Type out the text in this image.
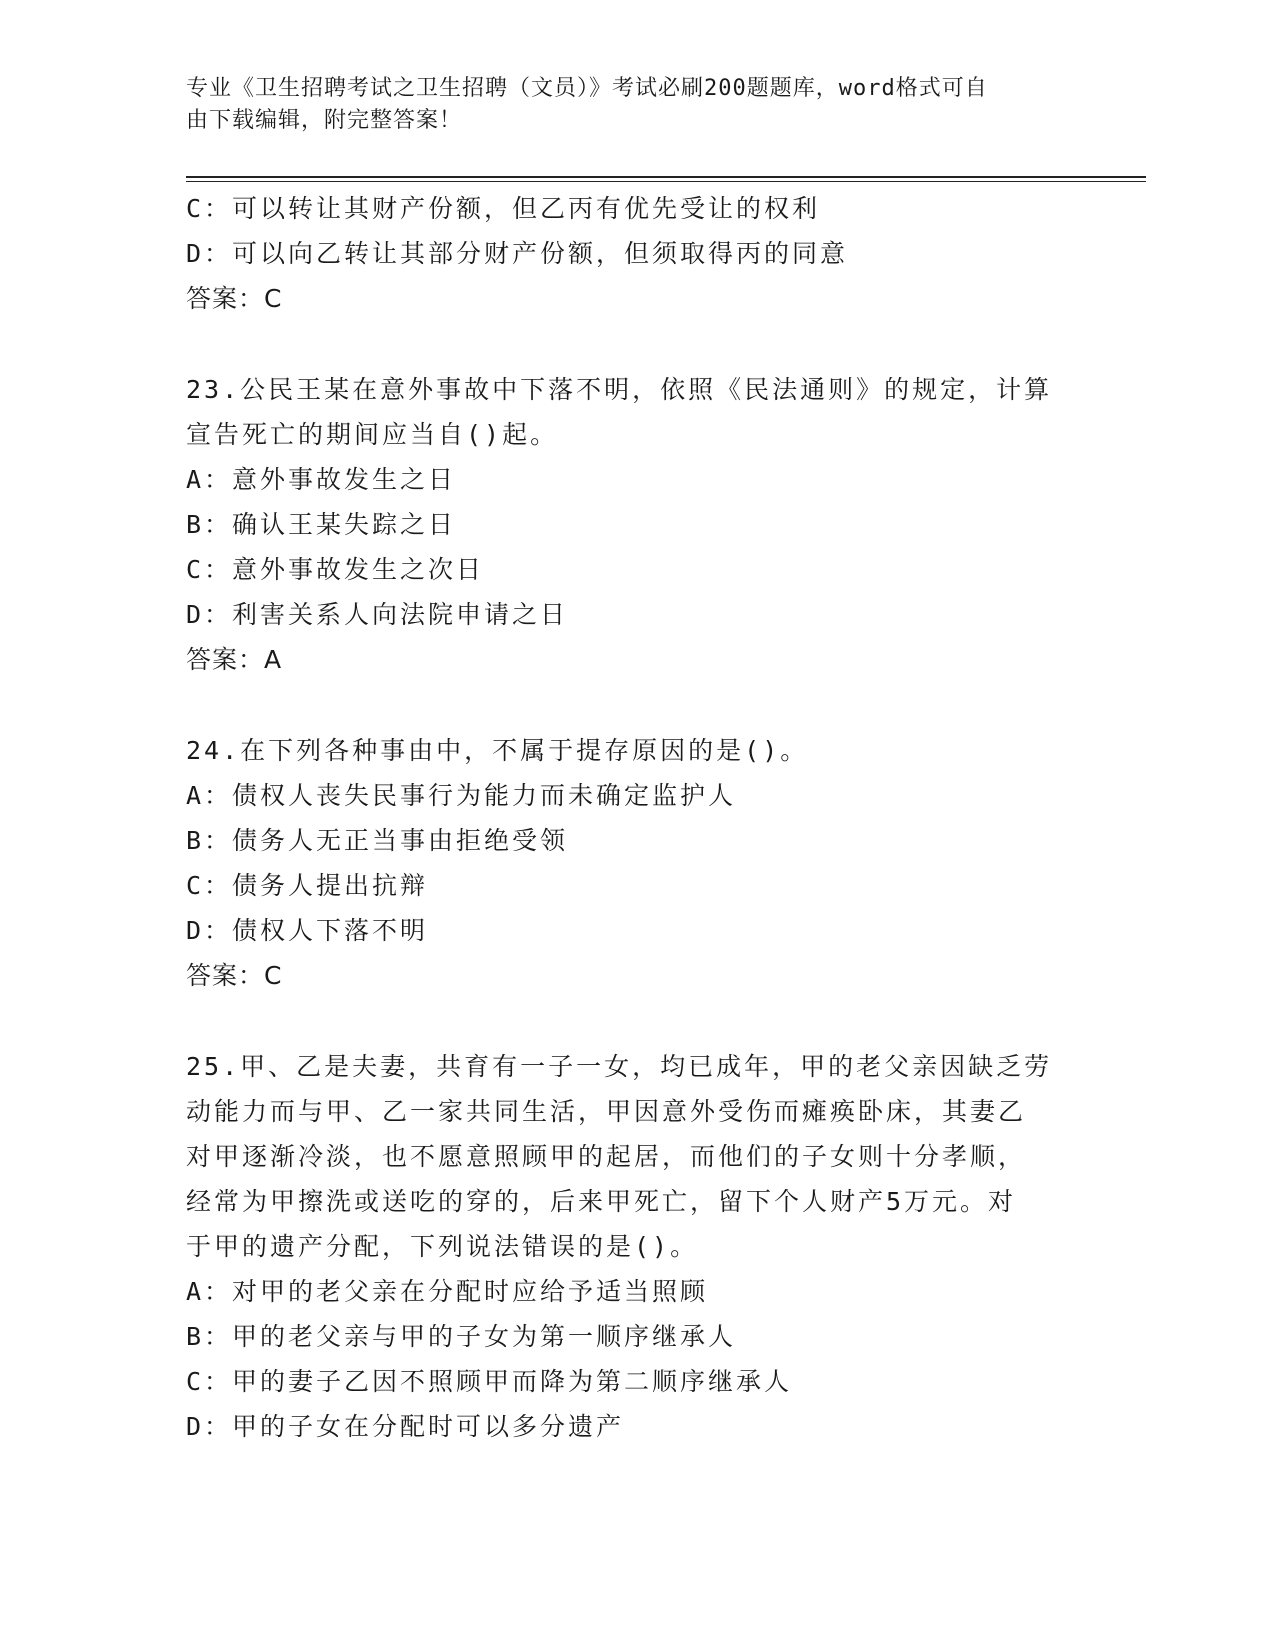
专业《卫生招聘考试之卫生招聘（文员）》考试必刷200题题库，word格式可自
由下载编辑，附完整答案！
C：可以转让其财产份额，但乙丙有优先受让的权利
D：可以向乙转让其部分财产份额，但须取得丙的同意
答案：C
23.公民王某在意外事故中下落不明，依照《民法通则》的规定，计算
宣告死亡的期间应当自()起。
A：意外事故发生之日
B：确认王某失踪之日
C：意外事故发生之次日
D：利害关系人向法院申请之日
答案：A
24.在下列各种事由中，不属于提存原因的是()。
A：债权人丧失民事行为能力而未确定监护人
B：债务人无正当事由拒绝受领
C：债务人提出抗辩
D：债权人下落不明
答案：C
25.甲、乙是夫妻，共育有一子一女，均已成年，甲的老父亲因缺乏劳
动能力而与甲、乙一家共同生活，甲因意外受伤而瘫痪卧床，其妻乙
对甲逐渐冷淡，也不愿意照顾甲的起居，而他们的子女则十分孝顺，
经常为甲擦洗或送吃的穿的，后来甲死亡，留下个人财产5万元。对
于甲的遗产分配，下列说法错误的是()。
A：对甲的老父亲在分配时应给予适当照顾
B：甲的老父亲与甲的子女为第一顺序继承人
C：甲的妻子乙因不照顾甲而降为第二顺序继承人
D：甲的子女在分配时可以多分遗产
